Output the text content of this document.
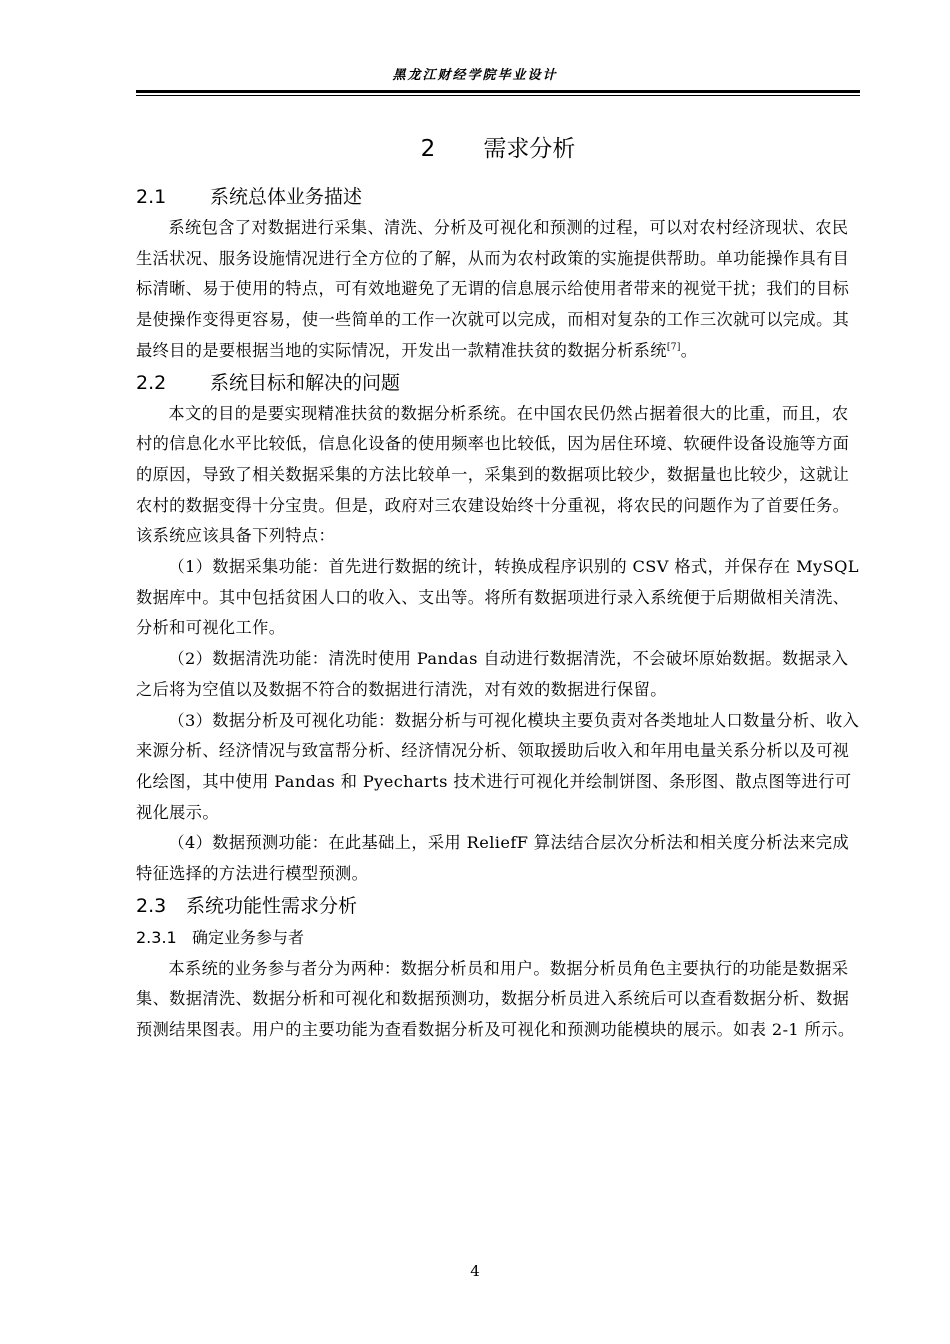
黑龙江财经学院毕业设计
2 需求分析
2.1 系统总体业务描述

系统包含了对数据进行采集、清洗、分析及可视化和预测的过程，可以对农村经济现状、农民生活状况、服务设施情况进行全方位的了解，从而为农村政策的实施提供帮助。单功能操作具有目标清晰、易于使用的特点，可有效地避免了无谓的信息展示给使用者带来的视觉干扰；我们的目标是使操作变得更容易，使一些简单的工作一次就可以完成，而相对复杂的工作三次就可以完成。其最终目的是要根据当地的实际情况，开发出一款精准扶贫的数据分析系统[7]。

2.2 系统目标和解决的问题

本文的目的是要实现精准扶贫的数据分析系统。在中国农民仍然占据着很大的比重，而且，农村的信息化水平比较低，信息化设备的使用频率也比较低，因为居住环境、软硬件设备设施等方面的原因，导致了相关数据采集的方法比较单一，采集到的数据项比较少，数据量也比较少，这就让农村的数据变得十分宝贵。但是，政府对三农建设始终十分重视，将农民的问题作为了首要任务。该系统应该具备下列特点：

（1）数据采集功能：首先进行数据的统计，转换成程序识别的 CSV 格式，并保存在 MySQL 数据库中。其中包括贫困人口的收入、支出等。将所有数据项进行录入系统便于后期做相关清洗、分析和可视化工作。

（2）数据清洗功能：清洗时使用 Pandas 自动进行数据清洗，不会破坏原始数据。数据录入之后将为空值以及数据不符合的数据进行清洗，对有效的数据进行保留。

（3）数据分析及可视化功能：数据分析与可视化模块主要负责对各类地址人口数量分析、收入来源分析、经济情况与致富帮分析、经济情况分析、领取援助后收入和年用电量关系分析以及可视化绘图，其中使用 Pandas 和 Pyecharts 技术进行可视化并绘制饼图、条形图、散点图等进行可视化展示。

（4）数据预测功能：在此基础上，采用 ReliefF 算法结合层次分析法和相关度分析法来完成特征选择的方法进行模型预测。

2.3 系统功能性需求分析
2.3.1 确定业务参与者

本系统的业务参与者分为两种：数据分析员和用户。数据分析员角色主要执行的功能是数据采集、数据清洗、数据分析和可视化和数据预测功，数据分析员进入系统后可以查看数据分析、数据预测结果图表。用户的主要功能为查看数据分析及可视化和预测功能模块的展示。如表 2-1 所示。

4
